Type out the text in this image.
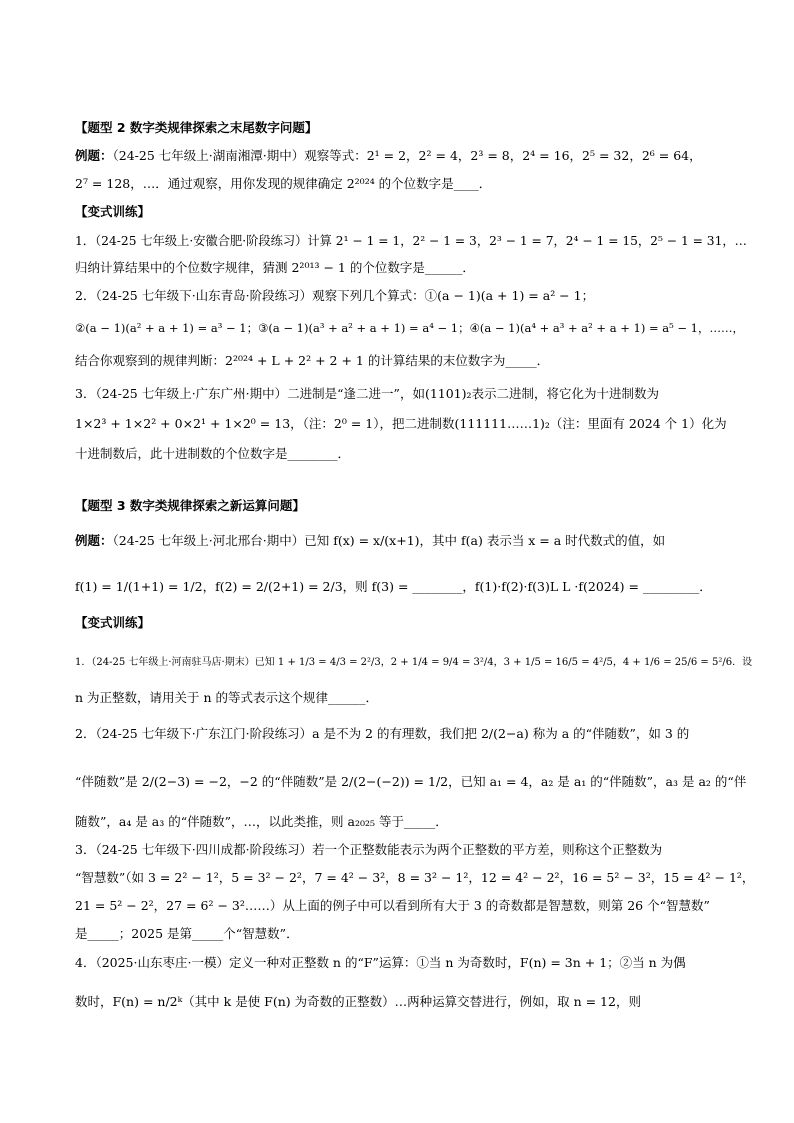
【题型 2 数字类规律探索之末尾数字问题】
例题：（24-25 七年级上·湖南湘潭·期中）观察等式：2¹ = 2，2² = 4，2³ = 8，2⁴ = 16，2⁵ = 32，2⁶ = 64，
2⁷ = 128，…．通过观察，用你发现的规律确定 2²⁰²⁴ 的个位数字是____．
【变式训练】
1．（24-25 七年级上·安徽合肥·阶段练习）计算 2¹ − 1 = 1，2² − 1 = 3，2³ − 1 = 7，2⁴ − 1 = 15，2⁵ − 1 = 31，…
归纳计算结果中的个位数字规律，猜测 2²⁰¹³ − 1 的个位数字是______．
2．（24-25 七年级下·山东青岛·阶段练习）观察下列几个算式：①(a − 1)(a + 1) = a² − 1；
②(a − 1)(a² + a + 1) = a³ − 1；③(a − 1)(a³ + a² + a + 1) = a⁴ − 1；④(a − 1)(a⁴ + a³ + a² + a + 1) = a⁵ − 1，……，
结合你观察到的规律判断：2²⁰²⁴ + L + 2² + 2 + 1 的计算结果的末位数字为_____．
3．（24-25 七年级上·广东广州·期中）二进制是“逢二进一”，如(1101)₂表示二进制，将它化为十进制数为
1×2³ + 1×2² + 0×2¹ + 1×2⁰ = 13，（注：2⁰ = 1），把二进制数(111111……1)₂（注：里面有 2024 个 1）化为
十进制数后，此十进制数的个位数字是________．
【题型 3 数字类规律探索之新运算问题】
例题：（24-25 七年级上·河北邢台·期中）已知 f(x) = x/(x+1)，其中 f(a) 表示当 x = a 时代数式的值，如
f(1) = 1/(1+1) = 1/2，f(2) = 2/(2+1) = 2/3，则 f(3) = ________，f(1)·f(2)·f(3)L L ·f(2024) = _________．
【变式训练】
1．（24-25 七年级上·河南驻马店·期末）已知 1 + 1/3 = 4/3 = 2²/3，2 + 1/4 = 9/4 = 3²/4，3 + 1/5 = 16/5 = 4²/5，4 + 1/6 = 25/6 = 5²/6．设
n 为正整数，请用关于 n 的等式表示这个规律______．
2．（24-25 七年级下·广东江门·阶段练习）a 是不为 2 的有理数，我们把 2/(2−a) 称为 a 的“伴随数”，如 3 的
“伴随数”是 2/(2−3) = −2，−2 的“伴随数”是 2/(2−(−2)) = 1/2，已知 a₁ = 4，a₂ 是 a₁ 的“伴随数”，a₃ 是 a₂ 的“伴
随数”，a₄ 是 a₃ 的“伴随数”，…，以此类推，则 a₂₀₂₅ 等于_____．
3．（24-25 七年级下·四川成都·阶段练习）若一个正整数能表示为两个正整数的平方差，则称这个正整数为
“智慧数”（如 3 = 2² − 1²，5 = 3² − 2²，7 = 4² − 3²，8 = 3² − 1²，12 = 4² − 2²，16 = 5² − 3²，15 = 4² − 1²，
21 = 5² − 2²，27 = 6² − 3²……）从上面的例子中可以看到所有大于 3 的奇数都是智慧数，则第 26 个“智慧数”
是_____；2025 是第_____个“智慧数”．
4．（2025·山东枣庄·一模）定义一种对正整数 n 的“F”运算：①当 n 为奇数时，F(n) = 3n + 1；②当 n 为偶
数时，F(n) = n/2ᵏ（其中 k 是使 F(n) 为奇数的正整数）…两种运算交替进行，例如，取 n = 12，则
